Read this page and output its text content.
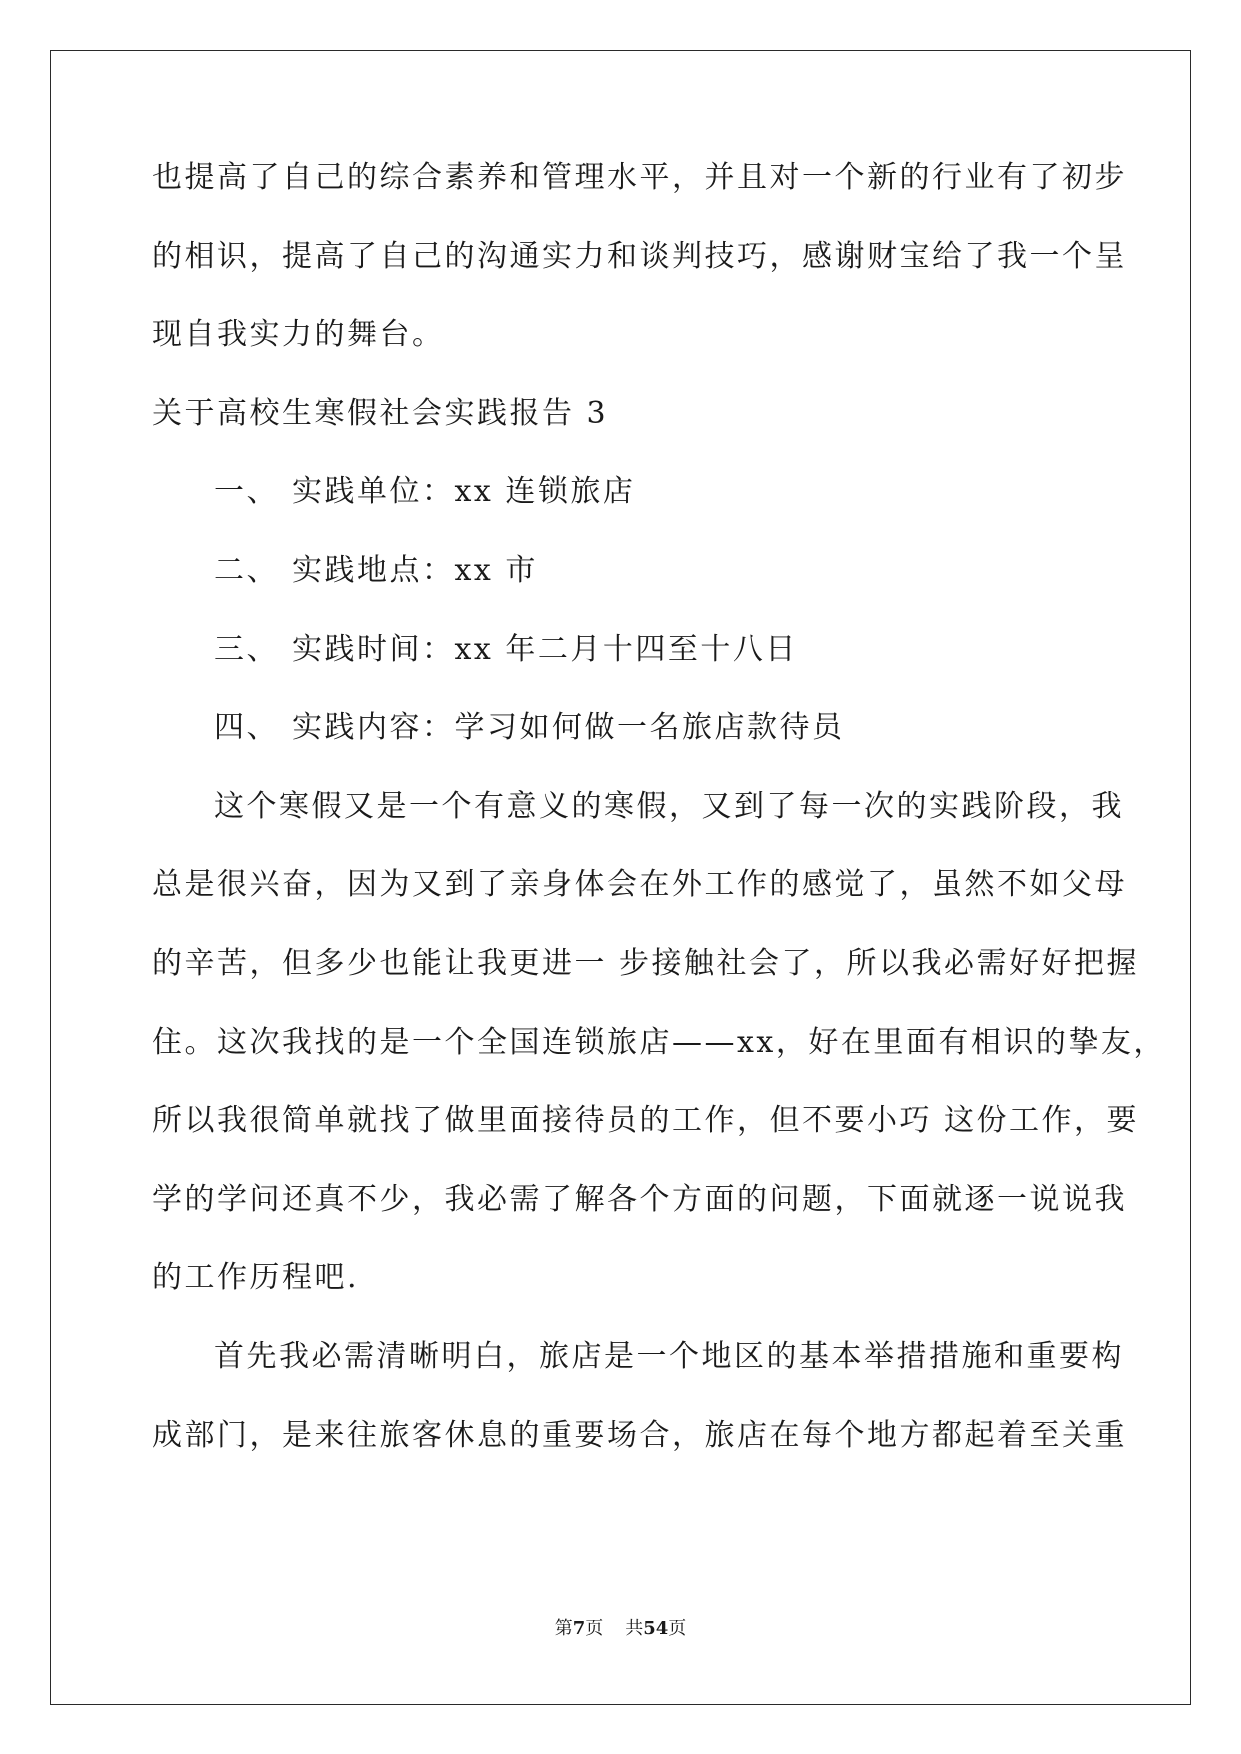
也提高了自己的综合素养和管理水平，并且对一个新的行业有了初步
的相识，提高了自己的沟通实力和谈判技巧，感谢财宝给了我一个呈
现自我实力的舞台。
关于高校生寒假社会实践报告 3
一、 实践单位：xx 连锁旅店
二、 实践地点：xx 市
三、 实践时间：xx 年二月十四至十八日
四、 实践内容：学习如何做一名旅店款待员
这个寒假又是一个有意义的寒假，又到了每一次的实践阶段，我
总是很兴奋，因为又到了亲身体会在外工作的感觉了，虽然不如父母
的辛苦，但多少也能让我更进一 步接触社会了，所以我必需好好把握
住。这次我找的是一个全国连锁旅店——xx，好在里面有相识的挚友，
所以我很简单就找了做里面接待员的工作，但不要小巧 这份工作，要
学的学问还真不少，我必需了解各个方面的问题，下面就逐一说说我
的工作历程吧.
首先我必需清晰明白，旅店是一个地区的基本举措措施和重要构
成部门，是来往旅客休息的重要场合，旅店在每个地方都起着至关重
第7页 共54页
